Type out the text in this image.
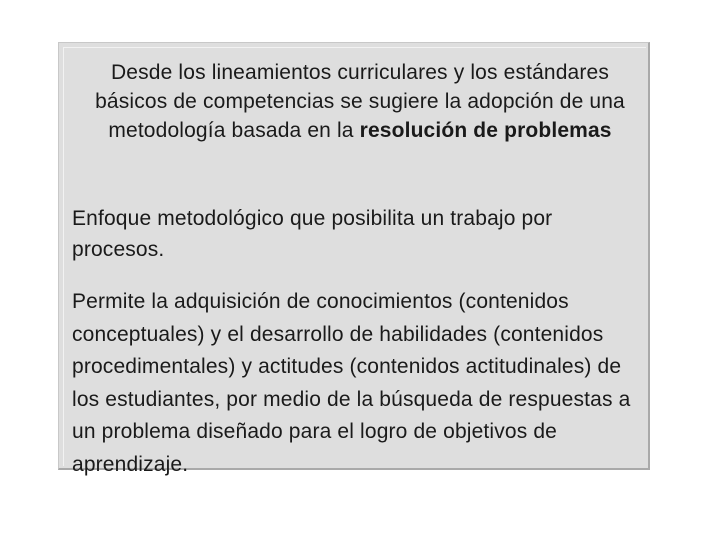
Desde los lineamientos curriculares y los estándares básicos de competencias se sugiere la adopción de una metodología basada en la resolución de problemas
Enfoque metodológico que posibilita un trabajo por procesos.
Permite la adquisición de conocimientos (contenidos conceptuales) y el desarrollo de habilidades (contenidos procedimentales) y actitudes (contenidos actitudinales) de los estudiantes, por medio de la búsqueda de respuestas a un problema diseñado para el logro de objetivos de aprendizaje.
